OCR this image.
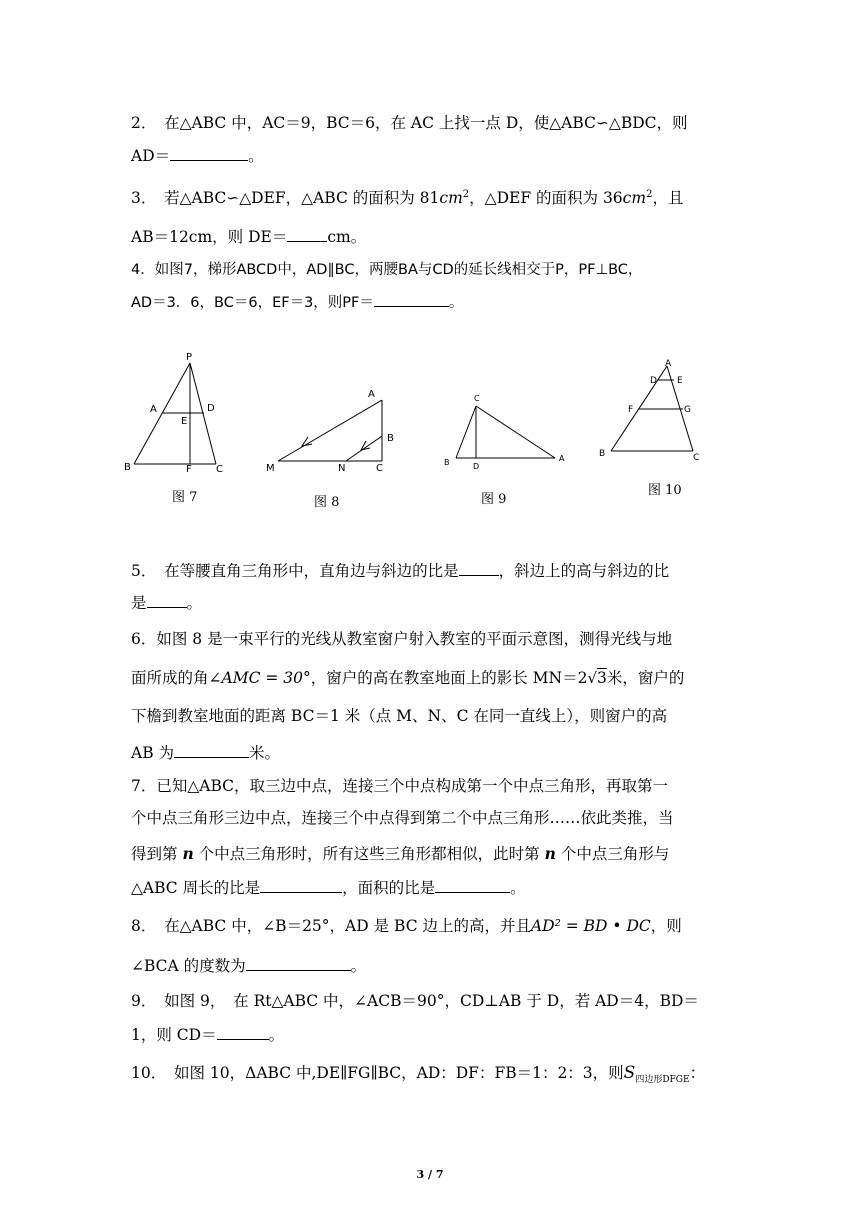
2．　在△ABC 中，AC＝9，BC＝6，在 AC 上找一点 D，使△ABC∽△BDC，则
AD＝	。
3．　若△ABC∽△DEF，△ABC 的面积为 $81cm^2$，△DEF 的面积为 $36cm^2$，且
AB＝12cm，则 DE＝	cm。
4．如图7，梯形ABCD中，AD∥BC，两腰BA与CD的延长线相交于P，PF⊥BC，
AD＝3．6，BC＝6，EF＝3，则PF＝	。
P
A	D
E
B	F C
图 7
A
B
M	N	C
图 8
C
B	D
A
图 9
A
D E
F	G
B	C
图 10
5．　在等腰直角三角形中，直角边与斜边的比是	，斜边上的高与斜边的比
是	。
6．如图 8 是一束平行的光线从教室窗户射入教室的平面示意图，测得光线与地
面所成的角∠AMC = 30°，窗户的高在教室地面上的影长 MN＝2√3米，窗户的
下檐到教室地面的距离 BC＝1 米（点 M、N、C 在同一直线上），则窗户的高
AB 为	米。
7．已知△ABC，取三边中点，连接三个中点构成第一个中点三角形，再取第一
个中点三角形三边中点，连接三个中点得到第二个中点三角形……依此类推，当
得到第 n 个中点三角形时，所有这些三角形都相似，此时第 n 个中点三角形与
△ABC 周长的比是	，面积的比是	。
8．　在△ABC 中，∠B＝25°，AD 是 BC 边上的高，并且AD² = BD • DC，则
∠BCA 的度数为	。
9．　如图 9，　在 Rt△ABC 中，∠ACB＝90°，CD⊥AB 于 D，若 AD＝4，BD＝
1，则 CD＝	。
10．　如图 10，ΔABC 中,DE∥FG∥BC，AD：DF：FB＝1：2：3，则$S_{四边形DFGE}$：
3 / 7
